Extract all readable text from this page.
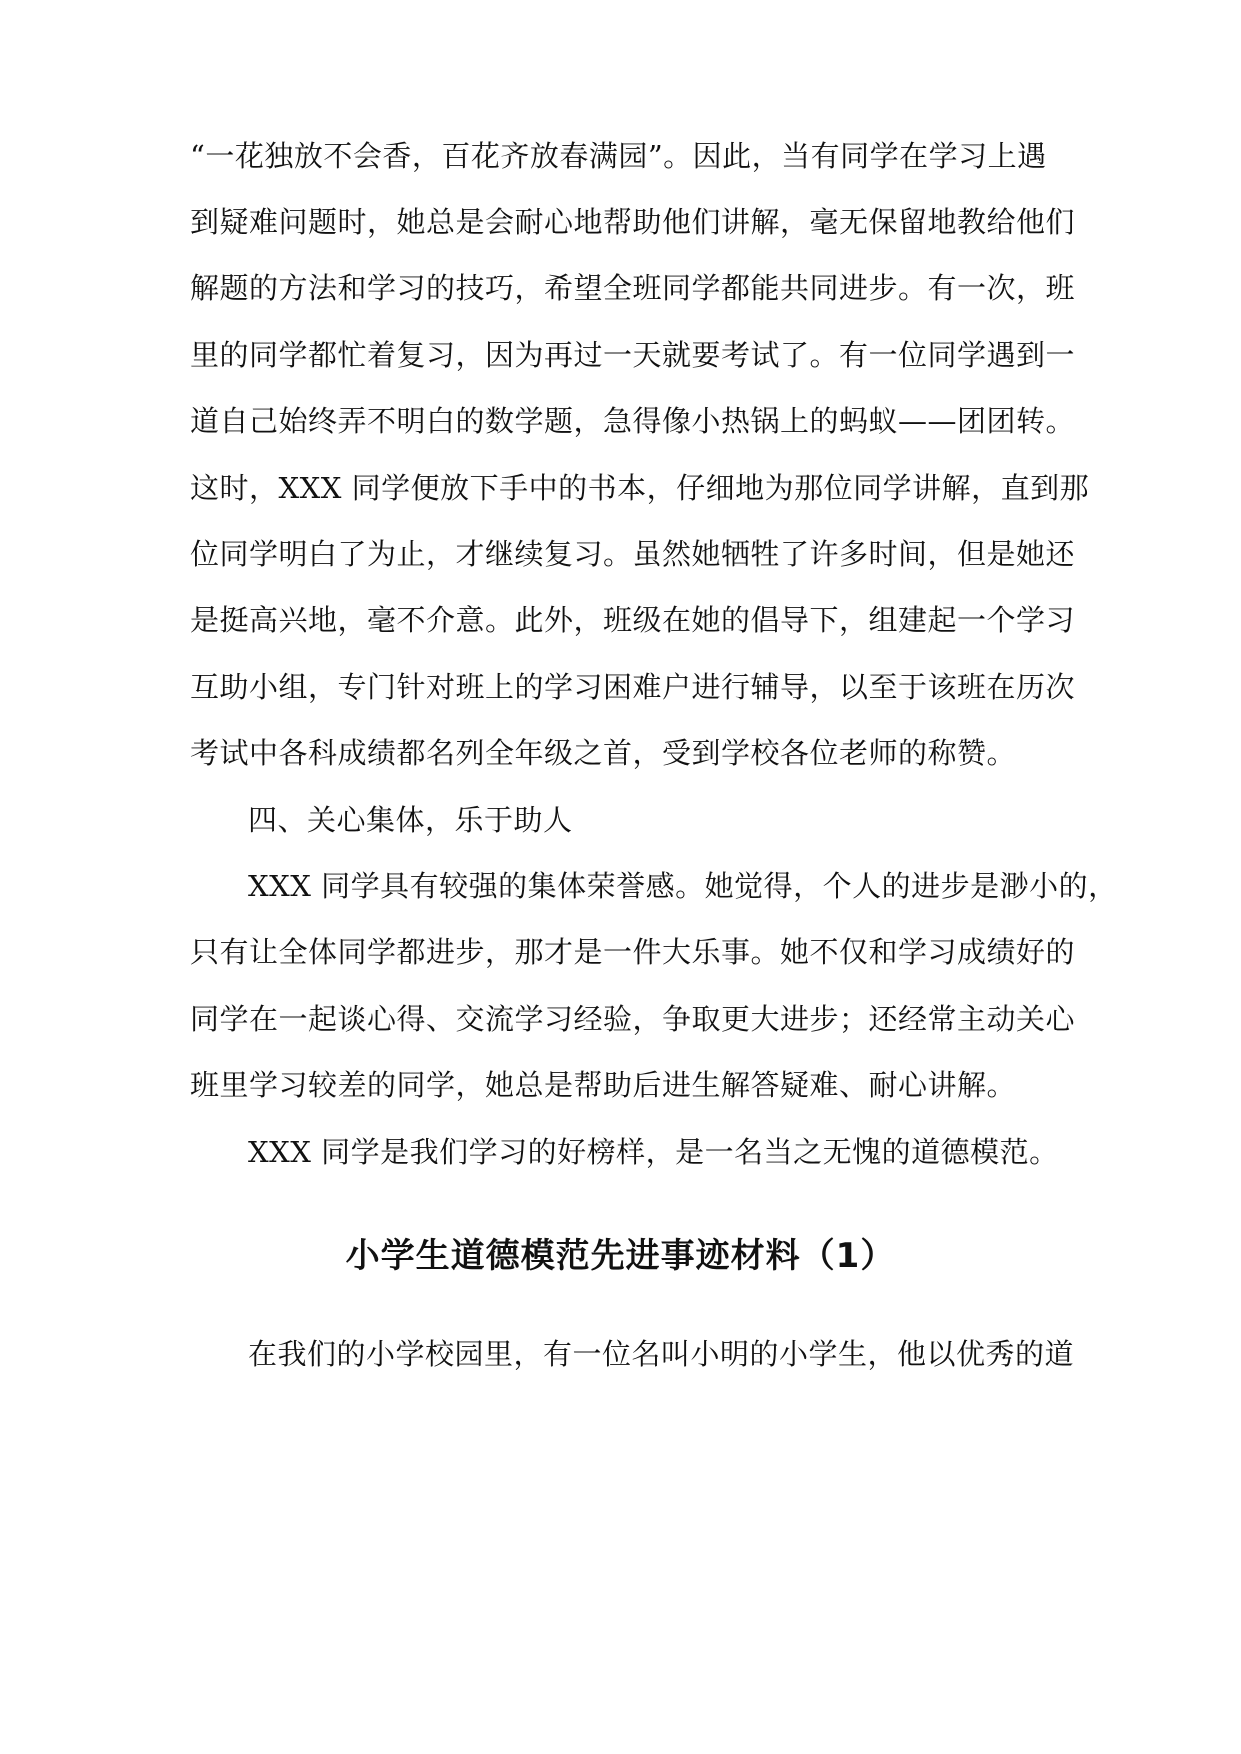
“一花独放不会香，百花齐放春满园”。因此，当有同学在学习上遇
到疑难问题时，她总是会耐心地帮助他们讲解，毫无保留地教给他们
解题的方法和学习的技巧，希望全班同学都能共同进步。有一次，班
里的同学都忙着复习，因为再过一天就要考试了。有一位同学遇到一
道自己始终弄不明白的数学题，急得像小热锅上的蚂蚁——团团转。
这时，XXX 同学便放下手中的书本，仔细地为那位同学讲解，直到那
位同学明白了为止，才继续复习。虽然她牺牲了许多时间，但是她还
是挺高兴地，毫不介意。此外，班级在她的倡导下，组建起一个学习
互助小组，专门针对班上的学习困难户进行辅导，以至于该班在历次
考试中各科成绩都名列全年级之首，受到学校各位老师的称赞。
四、关心集体，乐于助人
XXX 同学具有较强的集体荣誉感。她觉得，个人的进步是渺小的，
只有让全体同学都进步，那才是一件大乐事。她不仅和学习成绩好的
同学在一起谈心得、交流学习经验，争取更大进步；还经常主动关心
班里学习较差的同学，她总是帮助后进生解答疑难、耐心讲解。
XXX 同学是我们学习的好榜样，是一名当之无愧的道德模范。
小学生道德模范先进事迹材料（1）
在我们的小学校园里，有一位名叫小明的小学生，他以优秀的道
